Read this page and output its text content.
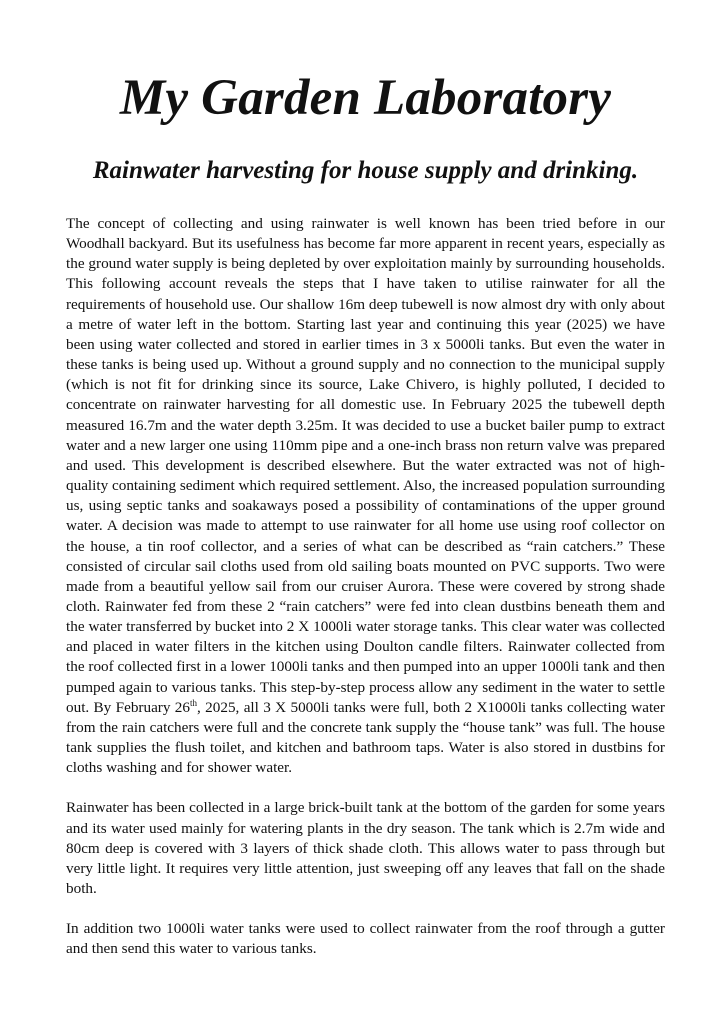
My Garden Laboratory
Rainwater harvesting for house supply and drinking.

The concept of collecting and using rainwater is well known has been tried before in our Woodhall backyard. But its usefulness has become far more apparent in recent years, especially as the ground water supply is being depleted by over exploitation mainly by surrounding households. This following account reveals the steps that I have taken to utilise rainwater for all the requirements of household use. Our shallow 16m deep tubewell is now almost dry with only about a metre of water left in the bottom. Starting last year and continuing this year (2025) we have been using water collected and stored in earlier times in 3 x 5000li tanks. But even the water in these tanks is being used up. Without a ground supply and no connection to the municipal supply (which is not fit for drinking since its source, Lake Chivero, is highly polluted, I decided to concentrate on rainwater harvesting for all domestic use. In February 2025 the tubewell depth measured 16.7m and the water depth 3.25m. It was decided to use a bucket bailer pump to extract water and a new larger one using 110mm pipe and a one-inch brass non return valve was prepared and used. This development is described elsewhere. But the water extracted was not of high-quality containing sediment which required settlement. Also, the increased population surrounding us, using septic tanks and soakaways posed a possibility of contaminations of the upper ground water. A decision was made to attempt to use rainwater for all home use using roof collector on the house, a tin roof collector, and a series of what can be described as “rain catchers.” These consisted of circular sail cloths used from old sailing boats mounted on PVC supports. Two were made from a beautiful yellow sail from our cruiser Aurora. These were covered by strong shade cloth. Rainwater fed from these 2 “rain catchers” were fed into clean dustbins beneath them and the water transferred by bucket into 2 X 1000li water storage tanks. This clear water was collected and placed in water filters in the kitchen using Doulton candle filters. Rainwater collected from the roof collected first in a lower 1000li tanks and then pumped into an upper 1000li tank and then pumped again to various tanks. This step-by-step process allow any sediment in the water to settle out. By February 26th, 2025, all 3 X 5000li tanks were full, both 2 X1000li tanks collecting water from the rain catchers were full and the concrete tank supply the “house tank” was full. The house tank supplies the flush toilet, and kitchen and bathroom taps. Water is also stored in dustbins for cloths washing and for shower water.

Rainwater has been collected in a large brick-built tank at the bottom of the garden for some years and its water used mainly for watering plants in the dry season. The tank which is 2.7m wide and 80cm deep is covered with 3 layers of thick shade cloth. This allows water to pass through but very little light. It requires very little attention, just sweeping off any leaves that fall on the shade both.

In addition two 1000li water tanks were used to collect rainwater from the roof through a gutter and then send this water to various tanks.
